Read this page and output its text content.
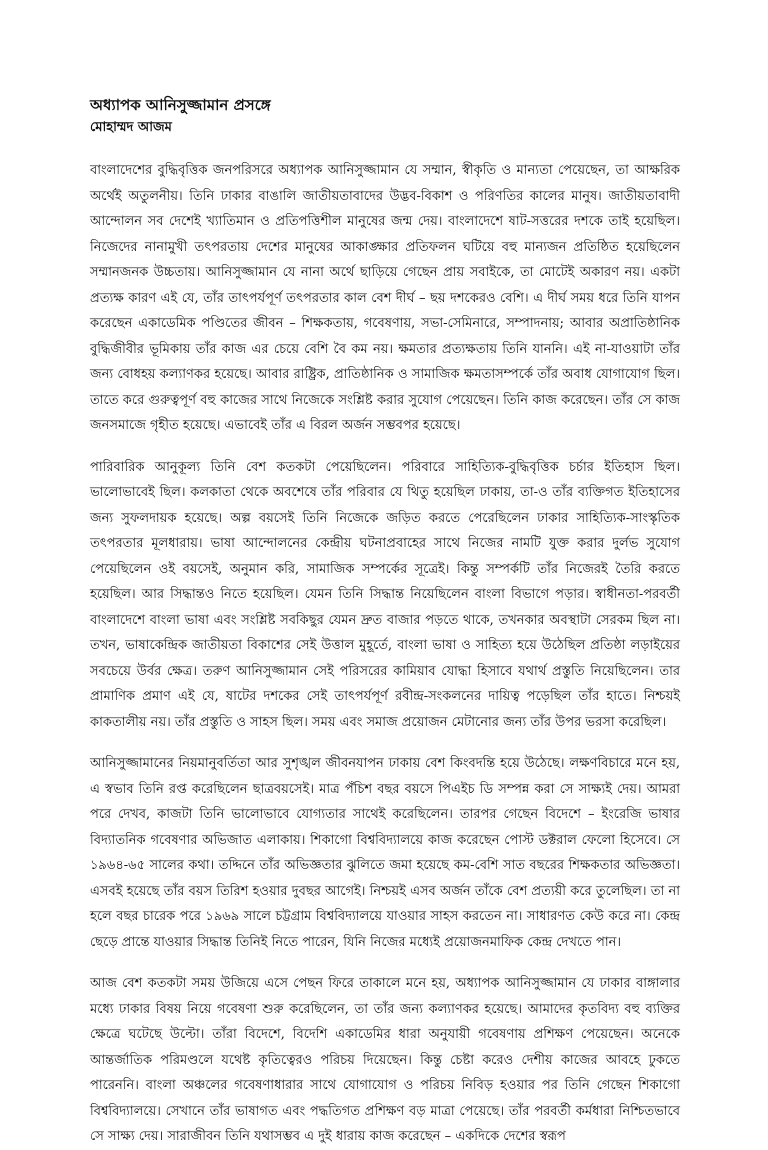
অধ্যাপক আনিসুজ্জামান প্রসঙ্গে
মোহাম্মদ আজম

বাংলাদেশের বুদ্ধিবৃত্তিক জনপরিসরে অধ্যাপক আনিসুজ্জামান যে সম্মান, স্বীকৃতি ও মান্যতা পেয়েছেন, তা আক্ষরিক অর্থেই অতুলনীয়। তিনি ঢাকার বাঙালি জাতীয়তাবাদের উদ্ভব-বিকাশ ও পরিণতির কালের মানুষ। জাতীয়তাবাদী আন্দোলন সব দেশেই খ্যাতিমান ও প্রতিপত্তিশীল মানুষের জন্ম দেয়। বাংলাদেশে ষাট-সত্তরের দশকে তাই হয়েছিল। নিজেদের নানামুখী তৎপরতায় দেশের মানুষের আকাঙ্ক্ষার প্রতিফলন ঘটিয়ে বহু মান্যজন প্রতিষ্ঠিত হয়েছিলেন সম্মানজনক উচ্চতায়। আনিসুজ্জামান যে নানা অর্থে ছাড়িয়ে গেছেন প্রায় সবাইকে, তা মোটেই অকারণ নয়। একটা প্রত্যক্ষ কারণ এই যে, তাঁর তাৎপর্যপূর্ণ তৎপরতার কাল বেশ দীর্ঘ – ছয় দশকেরও বেশি। এ দীর্ঘ সময় ধরে তিনি যাপন করেছেন একাডেমিক পণ্ডিতের জীবন – শিক্ষকতায়, গবেষণায়, সভা-সেমিনারে, সম্পাদনায়; আবার অপ্রাতিষ্ঠানিক বুদ্ধিজীবীর ভূমিকায় তাঁর কাজ এর চেয়ে বেশি বৈ কম নয়। ক্ষমতার প্রত্যক্ষতায় তিনি যাননি। এই না-যাওয়াটা তাঁর জন্য বোধহয় কল্যাণকর হয়েছে। আবার রাষ্ট্রিক, প্রাতিষ্ঠানিক ও সামাজিক ক্ষমতাসম্পর্কে তাঁর অবাধ যোগাযোগ ছিল। তাতে করে গুরুত্বপূর্ণ বহু কাজের সাথে নিজেকে সংশ্লিষ্ট করার সুযোগ পেয়েছেন। তিনি কাজ করেছেন। তাঁর সে কাজ জনসমাজে গৃহীত হয়েছে। এভাবেই তাঁর এ বিরল অর্জন সম্ভবপর হয়েছে।

পারিবারিক আনুকূল্য তিনি বেশ কতকটা পেয়েছিলেন। পরিবারে সাহিত্যিক-বুদ্ধিবৃত্তিক চর্চার ইতিহাস ছিল। ভালোভাবেই ছিল। কলকাতা থেকে অবশেষে তাঁর পরিবার যে থিতু হয়েছিল ঢাকায়, তা-ও তাঁর ব্যক্তিগত ইতিহাসের জন্য সুফলদায়ক হয়েছে। অল্প বয়সেই তিনি নিজেকে জড়িত করতে পেরেছিলেন ঢাকার সাহিত্যিক-সাংস্কৃতিক তৎপরতার মূলধারায়। ভাষা আন্দোলনের কেন্দ্রীয় ঘটনাপ্রবাহের সাথে নিজের নামটি যুক্ত করার দুর্লভ সুযোগ পেয়েছিলেন ওই বয়সেই, অনুমান করি, সামাজিক সম্পর্কের সূত্রেই। কিন্তু সম্পর্কটি তাঁর নিজেরই তৈরি করতে হয়েছিল। আর সিদ্ধান্তও নিতে হয়েছিল। যেমন তিনি সিদ্ধান্ত নিয়েছিলেন বাংলা বিভাগে পড়ার। স্বাধীনতা-পরবর্তী বাংলাদেশে বাংলা ভাষা এবং সংশ্লিষ্ট সবকিছুর যেমন দ্রুত বাজার পড়তে থাকে, তখনকার অবস্থাটা সেরকম ছিল না। তখন, ভাষাকেন্দ্রিক জাতীয়তা বিকাশের সেই উত্তাল মুহূর্তে, বাংলা ভাষা ও সাহিত্য হয়ে উঠেছিল প্রতিষ্ঠা লড়াইয়ের সবচেয়ে উর্বর ক্ষেত্র। তরুণ আনিসুজ্জামান সেই পরিসরের কামিয়াব যোদ্ধা হিসাবে যথার্থ প্রস্তুতি নিয়েছিলেন। তার প্রামাণিক প্রমাণ এই যে, ষাটের দশকের সেই তাৎপর্যপূর্ণ রবীন্দ্র-সংকলনের দায়িত্ব পড়েছিল তাঁর হাতে। নিশ্চয়ই কাকতালীয় নয়। তাঁর প্রস্তুতি ও সাহস ছিল। সময় এবং সমাজ প্রয়োজন মেটানোর জন্য তাঁর উপর ভরসা করেছিল।

আনিসুজ্জামানের নিয়মানুবর্তিতা আর সুশৃঙ্খল জীবনযাপন ঢাকায় বেশ কিংবদন্তি হয়ে উঠেছে। লক্ষণবিচারে মনে হয়, এ স্বভাব তিনি রপ্ত করেছিলেন ছাত্রবয়সেই। মাত্র পঁচিশ বছর বয়সে পিএইচ ডি সম্পন্ন করা সে সাক্ষ্যই দেয়। আমরা পরে দেখব, কাজটা তিনি ভালোভাবে যোগ্যতার সাথেই করেছিলেন। তারপর গেছেন বিদেশে – ইংরেজি ভাষার বিদ্যাতনিক গবেষণার অভিজাত এলাকায়। শিকাগো বিশ্ববিদ্যালয়ে কাজ করেছেন পোস্ট ডক্টরাল ফেলো হিসেবে। সে ১৯৬৪-৬৫ সালের কথা। তদ্দিনে তাঁর অভিজ্ঞতার ঝুলিতে জমা হয়েছে কম-বেশি সাত বছরের শিক্ষকতার অভিজ্ঞতা। এসবই হয়েছে তাঁর বয়স তিরিশ হওয়ার দুবছর আগেই। নিশ্চয়ই এসব অর্জন তাঁকে বেশ প্রত্যয়ী করে তুলেছিল। তা না হলে বছর চারেক পরে ১৯৬৯ সালে চট্টগ্রাম বিশ্ববিদ্যালয়ে যাওয়ার সাহস করতেন না। সাধারণত কেউ করে না। কেন্দ্র ছেড়ে প্রান্তে যাওয়ার সিদ্ধান্ত তিনিই নিতে পারেন, যিনি নিজের মধ্যেই প্রয়োজনমাফিক কেন্দ্র দেখতে পান।

আজ বেশ কতকটা সময় উজিয়ে এসে পেছন ফিরে তাকালে মনে হয়, অধ্যাপক আনিসুজ্জামান যে ঢাকার বাঙ্গালার মধ্যে ঢাকার বিষয় নিয়ে গবেষণা শুরু করেছিলেন, তা তাঁর জন্য কল্যাণকর হয়েছে। আমাদের কৃতবিদ্য বহু ব্যক্তির ক্ষেত্রে ঘটেছে উল্টো। তাঁরা বিদেশে, বিদেশি একাডেমির ধারা অনুযায়ী গবেষণায় প্রশিক্ষণ পেয়েছেন। অনেকে আন্তর্জাতিক পরিমণ্ডলে যথেষ্ট কৃতিত্বেরও পরিচয় দিয়েছেন। কিন্তু চেষ্টা করেও দেশীয় কাজের আবহে ঢুকতে পারেননি। বাংলা অঞ্চলের গবেষণাধারার সাথে যোগাযোগ ও পরিচয় নিবিড় হওয়ার পর তিনি গেছেন শিকাগো বিশ্ববিদ্যালয়ে। সেখানে তাঁর ভাষাগত এবং পদ্ধতিগত প্রশিক্ষণ বড় মাত্রা পেয়েছে। তাঁর পরবর্তী কর্মধারা নিশ্চিতভাবে সে সাক্ষ্য দেয়। সারাজীবন তিনি যথাসম্ভব এ দুই ধারায় কাজ করেছেন – একদিকে দেশের স্বরূপ
